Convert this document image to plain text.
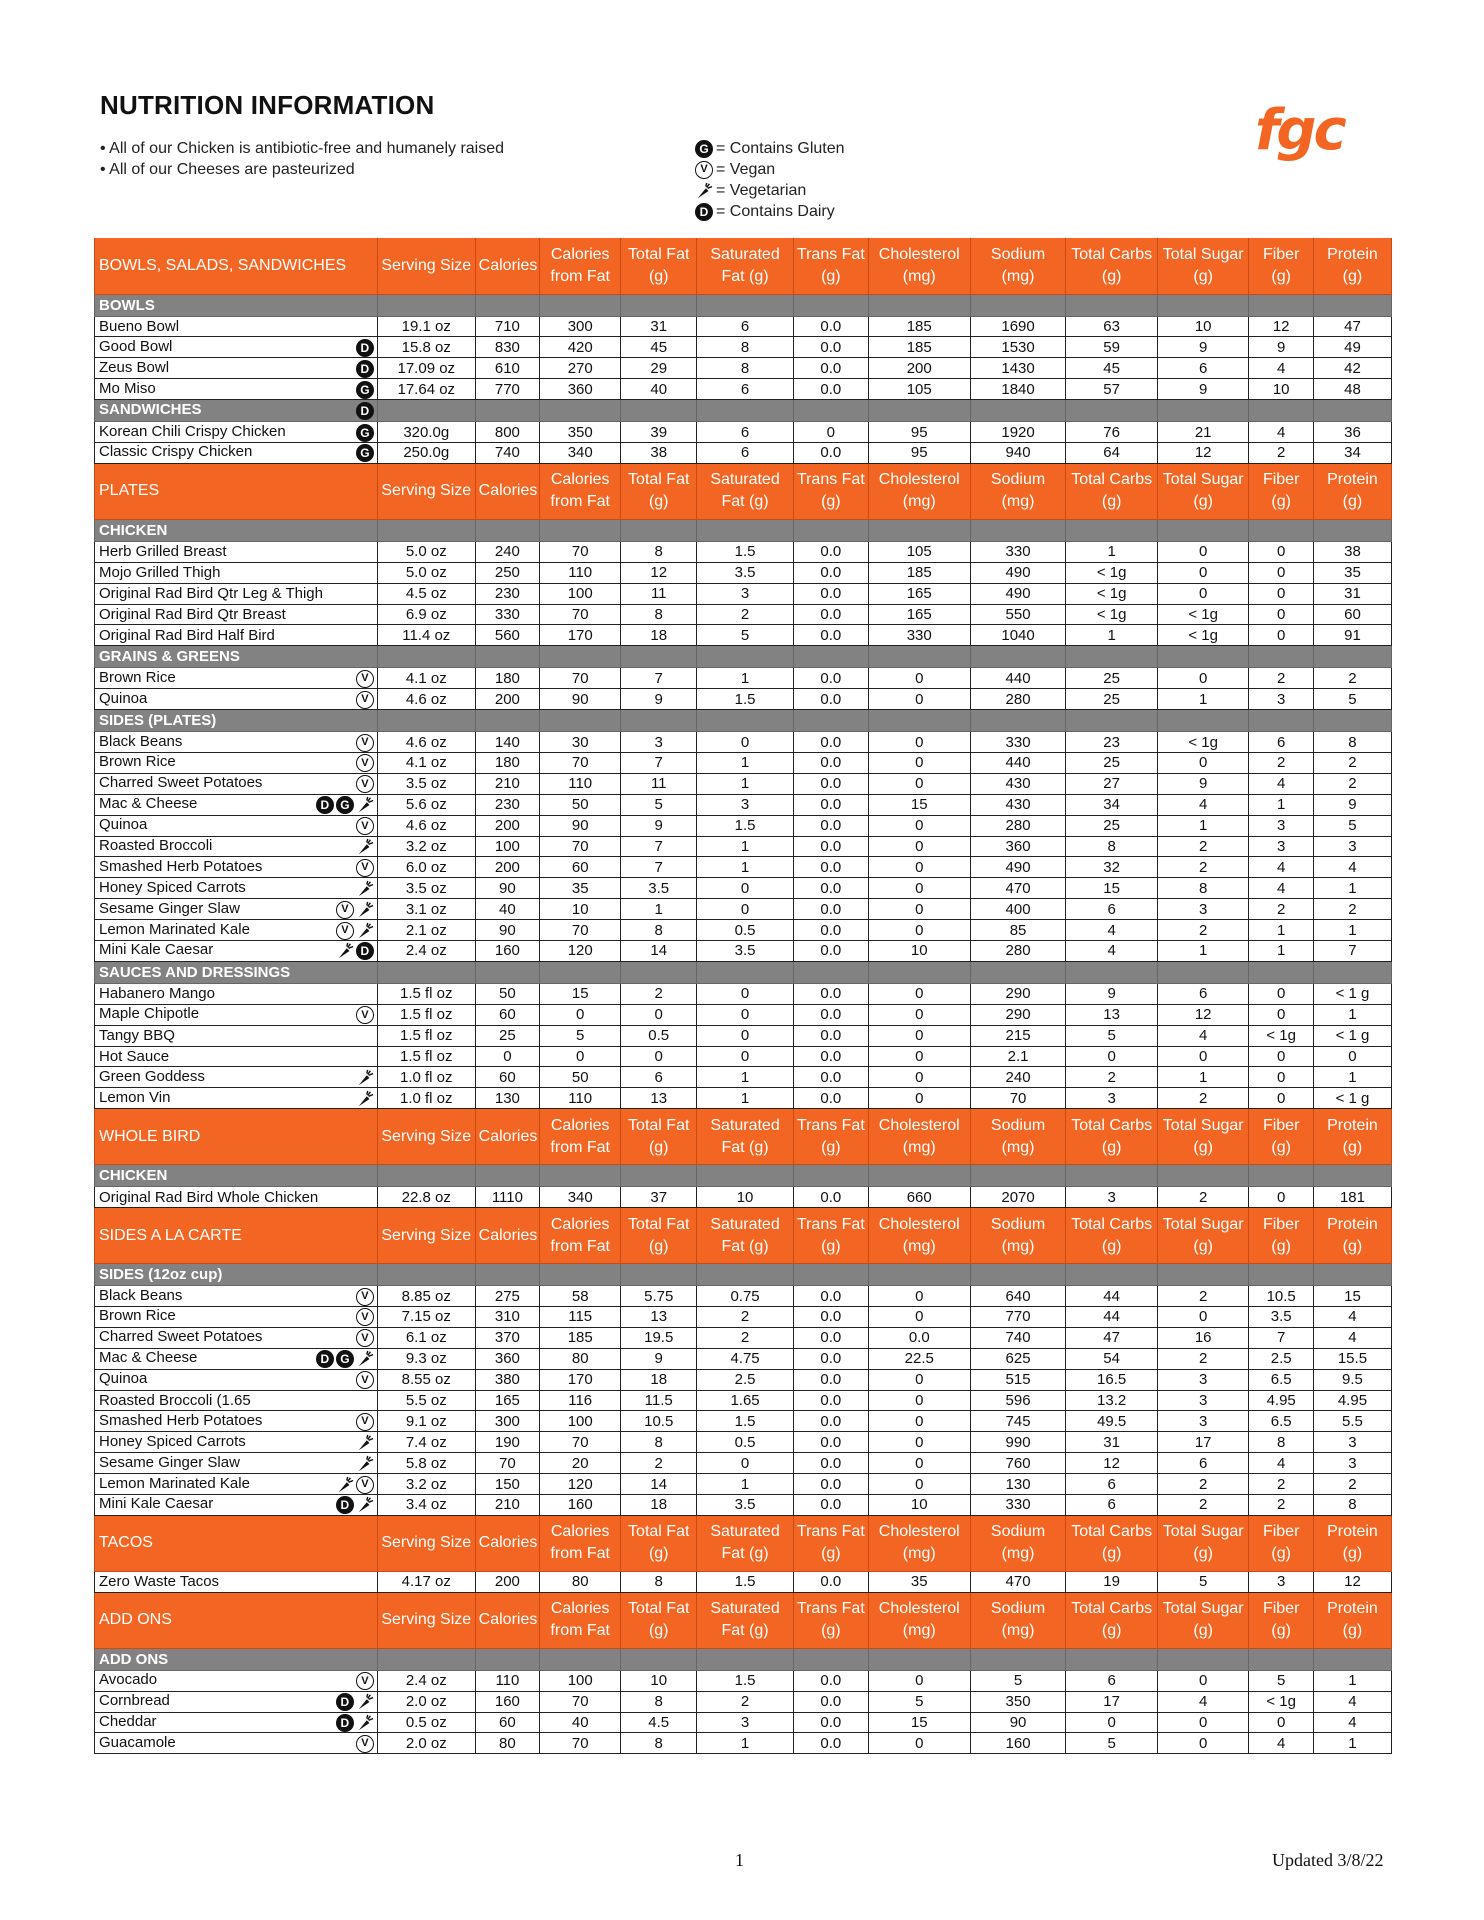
NUTRITION INFORMATION
• All of our Chicken is antibiotic-free and humanely raised
• All of our Cheeses are pasteurized
G = Contains Gluten
V = Vegan
= Vegetarian
D = Contains Dairy
fgc
BOWLS, SALADS, SANDWICHES	Serving Size	Calories	Calories from Fat	Total Fat (g)	Saturated Fat (g)	Trans Fat (g)	Cholesterol (mg)	Sodium (mg)	Total Carbs (g)	Total Sugar (g)	Fiber (g)	Protein (g)

BOWLS												

Bueno Bowl	19.1 oz	710	300	31	6	0.0	185	1690	63	10	12	47

Good Bowl D	15.8 oz	830	420	45	8	0.0	185	1530	59	9	9	49

Zeus Bowl D	17.09 oz	610	270	29	8	0.0	200	1430	45	6	4	42

Mo Miso G	17.64 oz	770	360	40	6	0.0	105	1840	57	9	10	48

SANDWICHES D												

Korean Chili Crispy Chicken G	320.0g	800	350	39	6	0	95	1920	76	21	4	36

Classic Crispy Chicken G	250.0g	740	340	38	6	0.0	95	940	64	12	2	34
PLATES	Serving Size	Calories	Calories from Fat	Total Fat (g)	Saturated Fat (g)	Trans Fat (g)	Cholesterol (mg)	Sodium (mg)	Total Carbs (g)	Total Sugar (g)	Fiber (g)	Protein (g)

CHICKEN												

Herb Grilled Breast	5.0 oz	240	70	8	1.5	0.0	105	330	1	0	0	38

Mojo Grilled Thigh	5.0 oz	250	110	12	3.5	0.0	185	490	< 1g	0	0	35

Original Rad Bird Qtr Leg & Thigh	4.5 oz	230	100	11	3	0.0	165	490	< 1g	0	0	31

Original Rad Bird Qtr Breast	6.9 oz	330	70	8	2	0.0	165	550	< 1g	< 1g	0	60

Original Rad Bird Half Bird	11.4 oz	560	170	18	5	0.0	330	1040	1	< 1g	0	91

GRAINS & GREENS												

Brown Rice V	4.1 oz	180	70	7	1	0.0	0	440	25	0	2	2

Quinoa V	4.6 oz	200	90	9	1.5	0.0	0	280	25	1	3	5

SIDES (PLATES)												

Black Beans V	4.6 oz	140	30	3	0	0.0	0	330	23	< 1g	6	8

Brown Rice V	4.1 oz	180	70	7	1	0.0	0	440	25	0	2	2

Charred Sweet Potatoes V	3.5 oz	210	110	11	1	0.0	0	430	27	9	4	2

Mac & Cheese D G	5.6 oz	230	50	5	3	0.0	15	430	34	4	1	9

Quinoa V	4.6 oz	200	90	9	1.5	0.0	0	280	25	1	3	5

Roasted Broccoli	3.2 oz	100	70	7	1	0.0	0	360	8	2	3	3

Smashed Herb Potatoes V	6.0 oz	200	60	7	1	0.0	0	490	32	2	4	4

Honey Spiced Carrots	3.5 oz	90	35	3.5	0	0.0	0	470	15	8	4	1

Sesame Ginger Slaw V	3.1 oz	40	10	1	0	0.0	0	400	6	3	2	2

Lemon Marinated Kale V	2.1 oz	90	70	8	0.5	0.0	0	85	4	2	1	1

Mini Kale Caesar D	2.4 oz	160	120	14	3.5	0.0	10	280	4	1	1	7

SAUCES AND DRESSINGS												

Habanero Mango	1.5 fl oz	50	15	2	0	0.0	0	290	9	6	0	< 1 g

Maple Chipotle V	1.5 fl oz	60	0	0	0	0.0	0	290	13	12	0	1

Tangy BBQ	1.5 fl oz	25	5	0.5	0	0.0	0	215	5	4	< 1g	< 1 g

Hot Sauce	1.5 fl oz	0	0	0	0	0.0	0	2.1	0	0	0	0

Green Goddess	1.0 fl oz	60	50	6	1	0.0	0	240	2	1	0	1

Lemon Vin	1.0 fl oz	130	110	13	1	0.0	0	70	3	2	0	< 1 g
WHOLE BIRD	Serving Size	Calories	Calories from Fat	Total Fat (g)	Saturated Fat (g)	Trans Fat (g)	Cholesterol (mg)	Sodium (mg)	Total Carbs (g)	Total Sugar (g)	Fiber (g)	Protein (g)

CHICKEN												

Original Rad Bird Whole Chicken	22.8 oz	1110	340	37	10	0.0	660	2070	3	2	0	181
SIDES A LA CARTE	Serving Size	Calories	Calories from Fat	Total Fat (g)	Saturated Fat (g)	Trans Fat (g)	Cholesterol (mg)	Sodium (mg)	Total Carbs (g)	Total Sugar (g)	Fiber (g)	Protein (g)

SIDES (12oz cup)												

Black Beans V	8.85 oz	275	58	5.75	0.75	0.0	0	640	44	2	10.5	15

Brown Rice V	7.15 oz	310	115	13	2	0.0	0	770	44	0	3.5	4

Charred Sweet Potatoes V	6.1 oz	370	185	19.5	2	0.0	0.0	740	47	16	7	4

Mac & Cheese D G	9.3 oz	360	80	9	4.75	0.0	22.5	625	54	2	2.5	15.5

Quinoa V	8.55 oz	380	170	18	2.5	0.0	0	515	16.5	3	6.5	9.5

Roasted Broccoli (1.65	5.5 oz	165	116	11.5	1.65	0.0	0	596	13.2	3	4.95	4.95

Smashed Herb Potatoes V	9.1 oz	300	100	10.5	1.5	0.0	0	745	49.5	3	6.5	5.5

Honey Spiced Carrots	7.4 oz	190	70	8	0.5	0.0	0	990	31	17	8	3

Sesame Ginger Slaw	5.8 oz	70	20	2	0	0.0	0	760	12	6	4	3

Lemon Marinated Kale V	3.2 oz	150	120	14	1	0.0	0	130	6	2	2	2

Mini Kale Caesar D	3.4 oz	210	160	18	3.5	0.0	10	330	6	2	2	8
TACOS	Serving Size	Calories	Calories from Fat	Total Fat (g)	Saturated Fat (g)	Trans Fat (g)	Cholesterol (mg)	Sodium (mg)	Total Carbs (g)	Total Sugar (g)	Fiber (g)	Protein (g)

Zero Waste Tacos	4.17 oz	200	80	8	1.5	0.0	35	470	19	5	3	12
ADD ONS	Serving Size	Calories	Calories from Fat	Total Fat (g)	Saturated Fat (g)	Trans Fat (g)	Cholesterol (mg)	Sodium (mg)	Total Carbs (g)	Total Sugar (g)	Fiber (g)	Protein (g)

ADD ONS												

Avocado V	2.4 oz	110	100	10	1.5	0.0	0	5	6	0	5	1

Cornbread D	2.0 oz	160	70	8	2	0.0	5	350	17	4	< 1g	4

Cheddar D	0.5 oz	60	40	4.5	3	0.0	15	90	0	0	0	4

Guacamole V	2.0 oz	80	70	8	1	0.0	0	160	5	0	4	1
1	Updated 3/8/22
